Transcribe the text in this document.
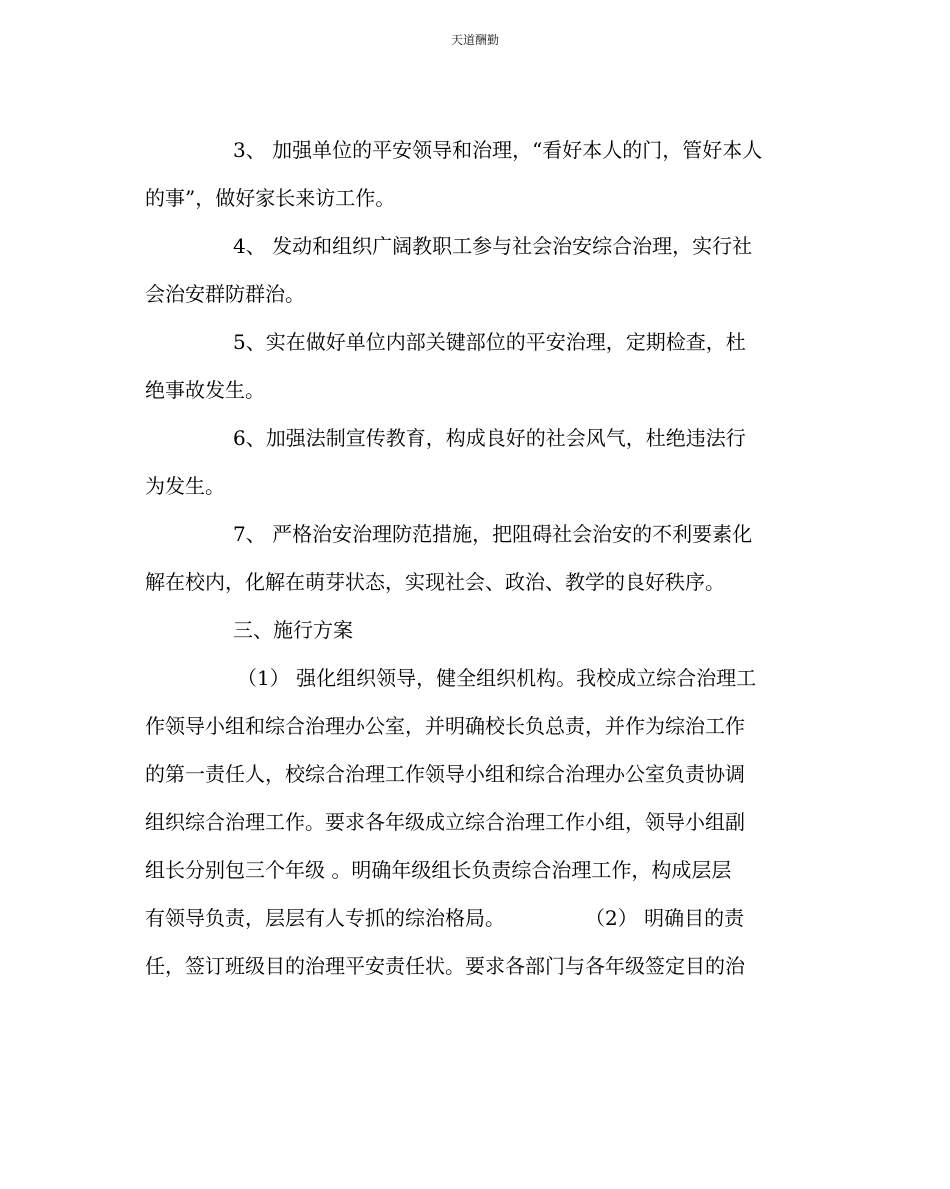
天道酬勤

3、 加强单位的平安领导和治理，“看好本人的门，管好本人
的事”，做好家长来访工作。

4、 发动和组织广阔教职工参与社会治安综合治理，实行社
会治安群防群治。

5、实在做好单位内部关键部位的平安治理，定期检查，杜
绝事故发生。

6、加强法制宣传教育，构成良好的社会风气，杜绝违法行
为发生。

7、 严格治安治理防范措施，把阻碍社会治安的不利要素化
解在校内，化解在萌芽状态，实现社会、政治、教学的良好秩序。

三、施行方案

（1） 强化组织领导，健全组织机构。我校成立综合治理工
作领导小组和综合治理办公室，并明确校长负总责，并作为综治工作
的第一责任人，校综合治理工作领导小组和综合治理办公室负责协调
组织综合治理工作。要求各年级成立综合治理工作小组，领导小组副
组长分别包三个年级 。明确年级组长负责综合治理工作，构成层层
有领导负责，层层有人专抓的综治格局。	（2） 明确目的责
任，签订班级目的治理平安责任状。要求各部门与各年级签定目的治
